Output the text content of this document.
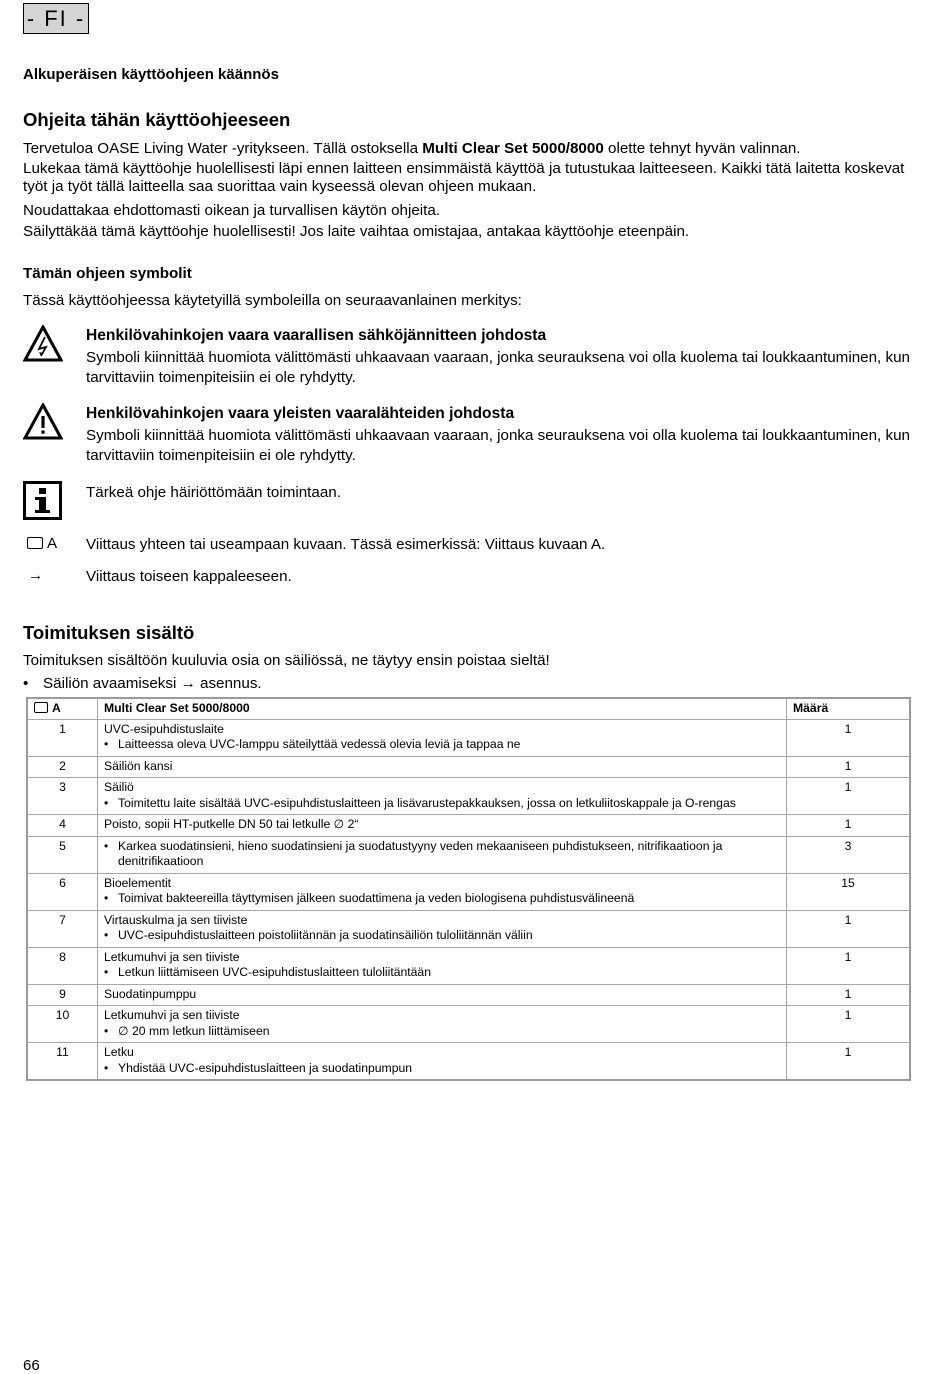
- FI -
Alkuperäisen käyttöohjeen käännös
Ohjeita tähän käyttöohjeeseen

Tervetuloa OASE Living Water -yritykseen. Tällä ostoksella Multi Clear Set 5000/8000 olette tehnyt hyvän valinnan.

Lukekaa tämä käyttöohje huolellisesti läpi ennen laitteen ensimmäistä käyttöä ja tutustukaa laitteeseen. Kaikki tätä laitetta koskevat työt ja työt tällä laitteella saa suorittaa vain kyseessä olevan ohjeen mukaan.

Noudattakaa ehdottomasti oikean ja turvallisen käytön ohjeita.

Säilyttäkää tämä käyttöohje huolellisesti! Jos laite vaihtaa omistajaa, antakaa käyttöohje eteenpäin.

Tämän ohjeen symbolit
Tässä käyttöohjeessa käytetyillä symboleilla on seuraavanlainen merkitys:
Henkilövahinkojen vaara vaarallisen sähköjännitteen johdosta
Symboli kiinnittää huomiota välittömästi uhkaavaan vaaraan, jonka seurauksena voi olla kuolema tai loukkaantuminen, kun tarvittaviin toimenpiteisiin ei ole ryhdytty.
Henkilövahinkojen vaara yleisten vaaralähteiden johdosta
Symboli kiinnittää huomiota välittömästi uhkaavaan vaaraan, jonka seurauksena voi olla kuolema tai loukkaantuminen, kun tarvittaviin toimenpiteisiin ei ole ryhdytty.
Tärkeä ohje häiriöttömään toimintaan.
A Viittaus yhteen tai useampaan kuvaan. Tässä esimerkissä: Viittaus kuvaan A.
→	Viittaus toiseen kappaleeseen.
Toimituksen sisältö
Toimituksen sisältöön kuuluvia osia on säiliössä, ne täytyy ensin poistaa sieltä!
• Säiliön avaamiseksi → asennus.
A	Multi Clear Set 5000/8000	Määrä
1	UVC-esipuhdistuslaite
• Laitteessa oleva UVC-lamppu säteilyttää vedessä olevia leviä ja tappaa ne	1
2	Säiliön kansi	1
3	Säiliö
• Toimitettu laite sisältää UVC-esipuhdistuslaitteen ja lisävarustepakkauksen, jossa on letkuliitoskappale ja O-rengas	1
4	Poisto, sopii HT-putkelle DN 50 tai letkulle ∅ 2“	1
5	• Karkea suodatinsieni, hieno suodatinsieni ja suodatustyyny veden mekaaniseen puhdistukseen, nitrifikaatioon ja denitrifikaatioon	3
6	Bioelementit
• Toimivat bakteereilla täyttymisen jälkeen suodattimena ja veden biologisena puhdistusvälineenä	15
7	Virtauskulma ja sen tiiviste
• UVC-esipuhdistuslaitteen poistoliitännän ja suodatinsäiliön tuloliitännän väliin	1
8	Letkumuhvi ja sen tiiviste
• Letkun liittämiseen UVC-esipuhdistuslaitteen tuloliitäntään	1
9	Suodatinpumppu	1
10	Letkumuhvi ja sen tiiviste
• ∅ 20 mm letkun liittämiseen	1
11	Letku
• Yhdistää UVC-esipuhdistuslaitteen ja suodatinpumpun	1
66
